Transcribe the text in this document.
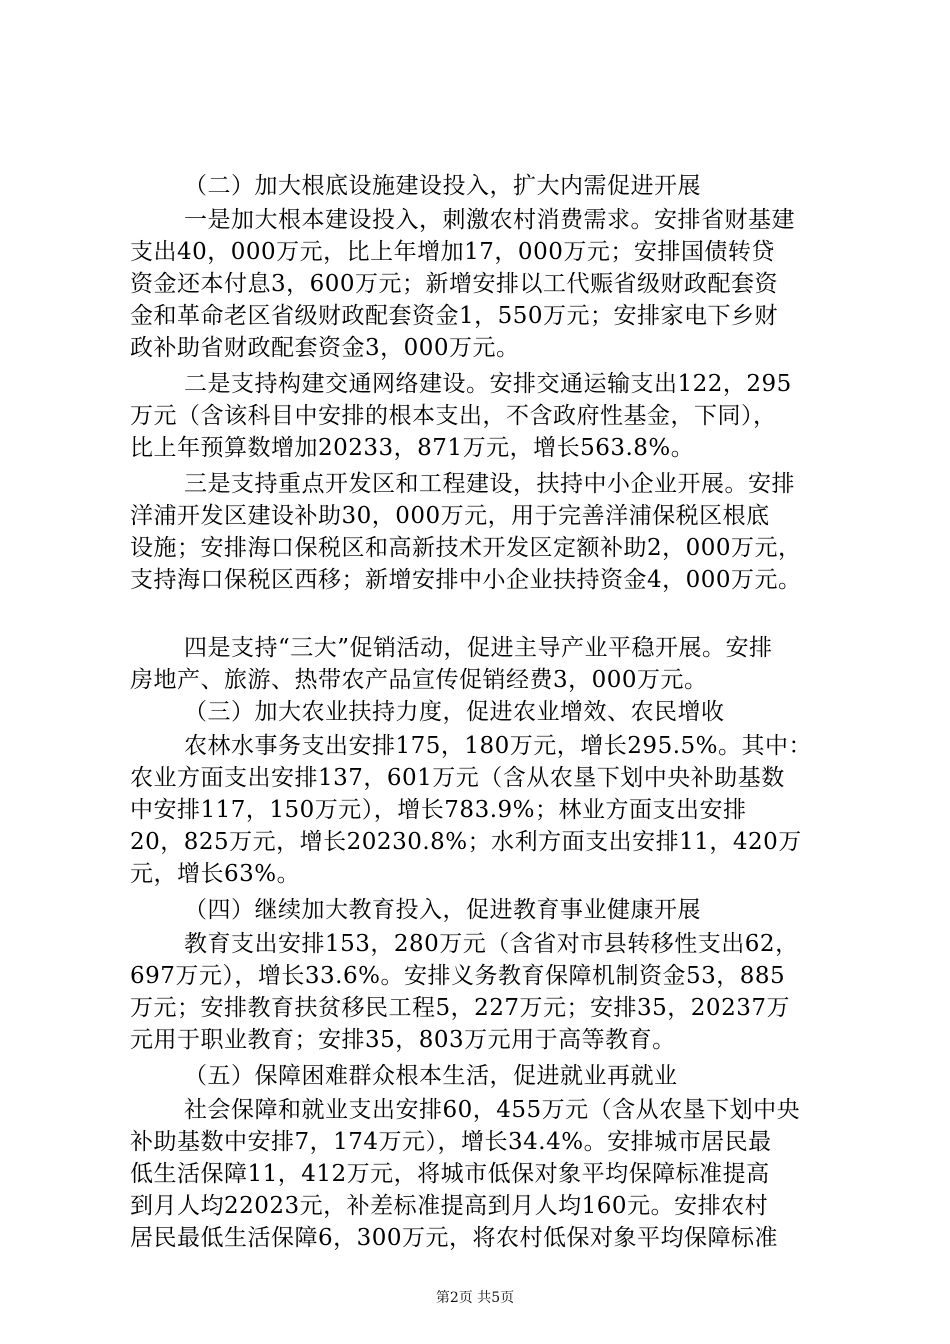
（二）加大根底设施建设投入，扩大内需促进开展
一是加大根本建设投入，刺激农村消费需求。安排省财基建
支出40，000万元，比上年增加17，000万元；安排国债转贷
资金还本付息3，600万元；新增安排以工代赈省级财政配套资
金和革命老区省级财政配套资金1，550万元；安排家电下乡财
政补助省财政配套资金3，000万元。
二是支持构建交通网络建设。安排交通运输支出122，295
万元（含该科目中安排的根本支出，不含政府性基金，下同），
比上年预算数增加20233，871万元，增长563.8%。
三是支持重点开发区和工程建设，扶持中小企业开展。安排
洋浦开发区建设补助30，000万元，用于完善洋浦保税区根底
设施；安排海口保税区和高新技术开发区定额补助2，000万元，
支持海口保税区西移；新增安排中小企业扶持资金4，000万元。
四是支持“三大”促销活动，促进主导产业平稳开展。安排
房地产、旅游、热带农产品宣传促销经费3，000万元。
（三）加大农业扶持力度，促进农业增效、农民增收
农林水事务支出安排175，180万元，增长295.5%。其中：
农业方面支出安排137，601万元（含从农垦下划中央补助基数
中安排117，150万元），增长783.9%；林业方面支出安排
20，825万元，增长20230.8%；水利方面支出安排11，420万
元，增长63%。
（四）继续加大教育投入，促进教育事业健康开展
教育支出安排153，280万元（含省对市县转移性支出62，
697万元），增长33.6%。安排义务教育保障机制资金53，885
万元；安排教育扶贫移民工程5，227万元；安排35，20237万
元用于职业教育；安排35，803万元用于高等教育。
（五）保障困难群众根本生活，促进就业再就业
社会保障和就业支出安排60，455万元（含从农垦下划中央
补助基数中安排7，174万元），增长34.4%。安排城市居民最
低生活保障11，412万元，将城市低保对象平均保障标准提高
到月人均22023元，补差标准提高到月人均160元。安排农村
居民最低生活保障6，300万元，将农村低保对象平均保障标准
第2页 共5页
